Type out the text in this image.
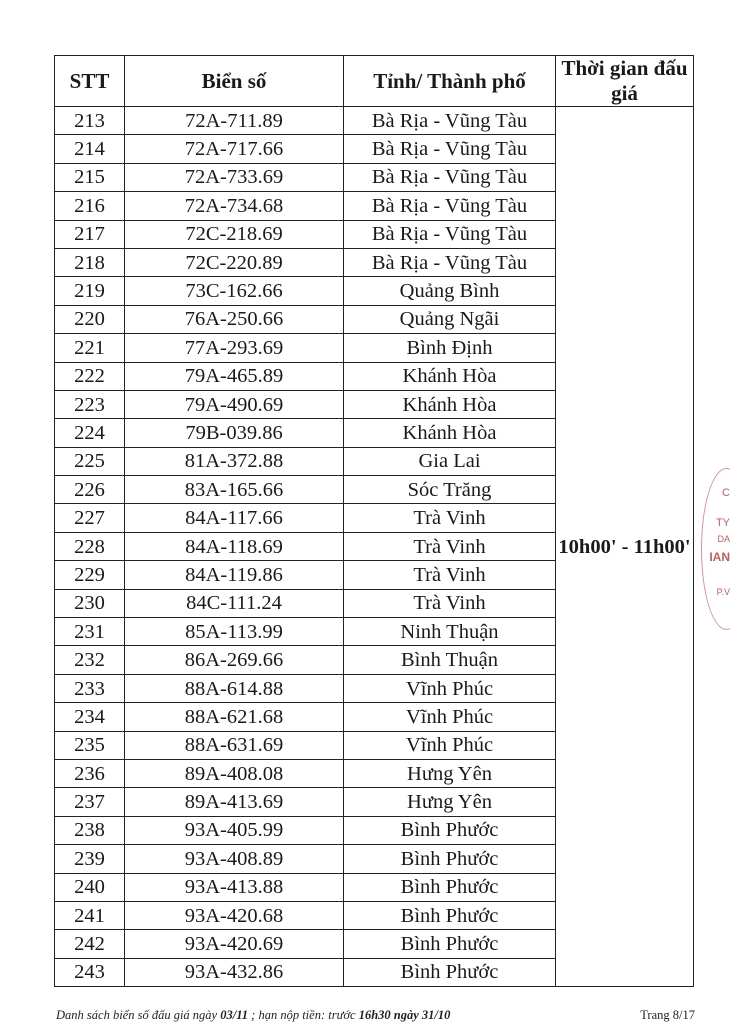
STT	Biển số	Tỉnh/ Thành phố	Thời gian đấu giá
213	72A-711.89	Bà Rịa - Vũng Tàu	10h00' - 11h00'
214	72A-717.66	Bà Rịa - Vũng Tàu	
215	72A-733.69	Bà Rịa - Vũng Tàu	
216	72A-734.68	Bà Rịa - Vũng Tàu	
217	72C-218.69	Bà Rịa - Vũng Tàu	
218	72C-220.89	Bà Rịa - Vũng Tàu	
219	73C-162.66	Quảng Bình	
220	76A-250.66	Quảng Ngãi	
221	77A-293.69	Bình Định	
222	79A-465.89	Khánh Hòa	
223	79A-490.69	Khánh Hòa	
224	79B-039.86	Khánh Hòa	
225	81A-372.88	Gia Lai	
226	83A-165.66	Sóc Trăng	
227	84A-117.66	Trà Vinh	
228	84A-118.69	Trà Vinh	
229	84A-119.86	Trà Vinh	
230	84C-111.24	Trà Vinh	
231	85A-113.99	Ninh Thuận	
232	86A-269.66	Bình Thuận	
233	88A-614.88	Vĩnh Phúc	
234	88A-621.68	Vĩnh Phúc	
235	88A-631.69	Vĩnh Phúc	
236	89A-408.08	Hưng Yên	
237	89A-413.69	Hưng Yên	
238	93A-405.99	Bình Phước	
239	93A-408.89	Bình Phước	
240	93A-413.88	Bình Phước	
241	93A-420.68	Bình Phước	
242	93A-420.69	Bình Phước	
243	93A-432.86	Bình Phước	
Danh sách biển số đấu giá ngày 03/11 ; hạn nộp tiền: trước 16h30 ngày 31/10	Trang 8/17
C
TY
DA
IAN
P.V
